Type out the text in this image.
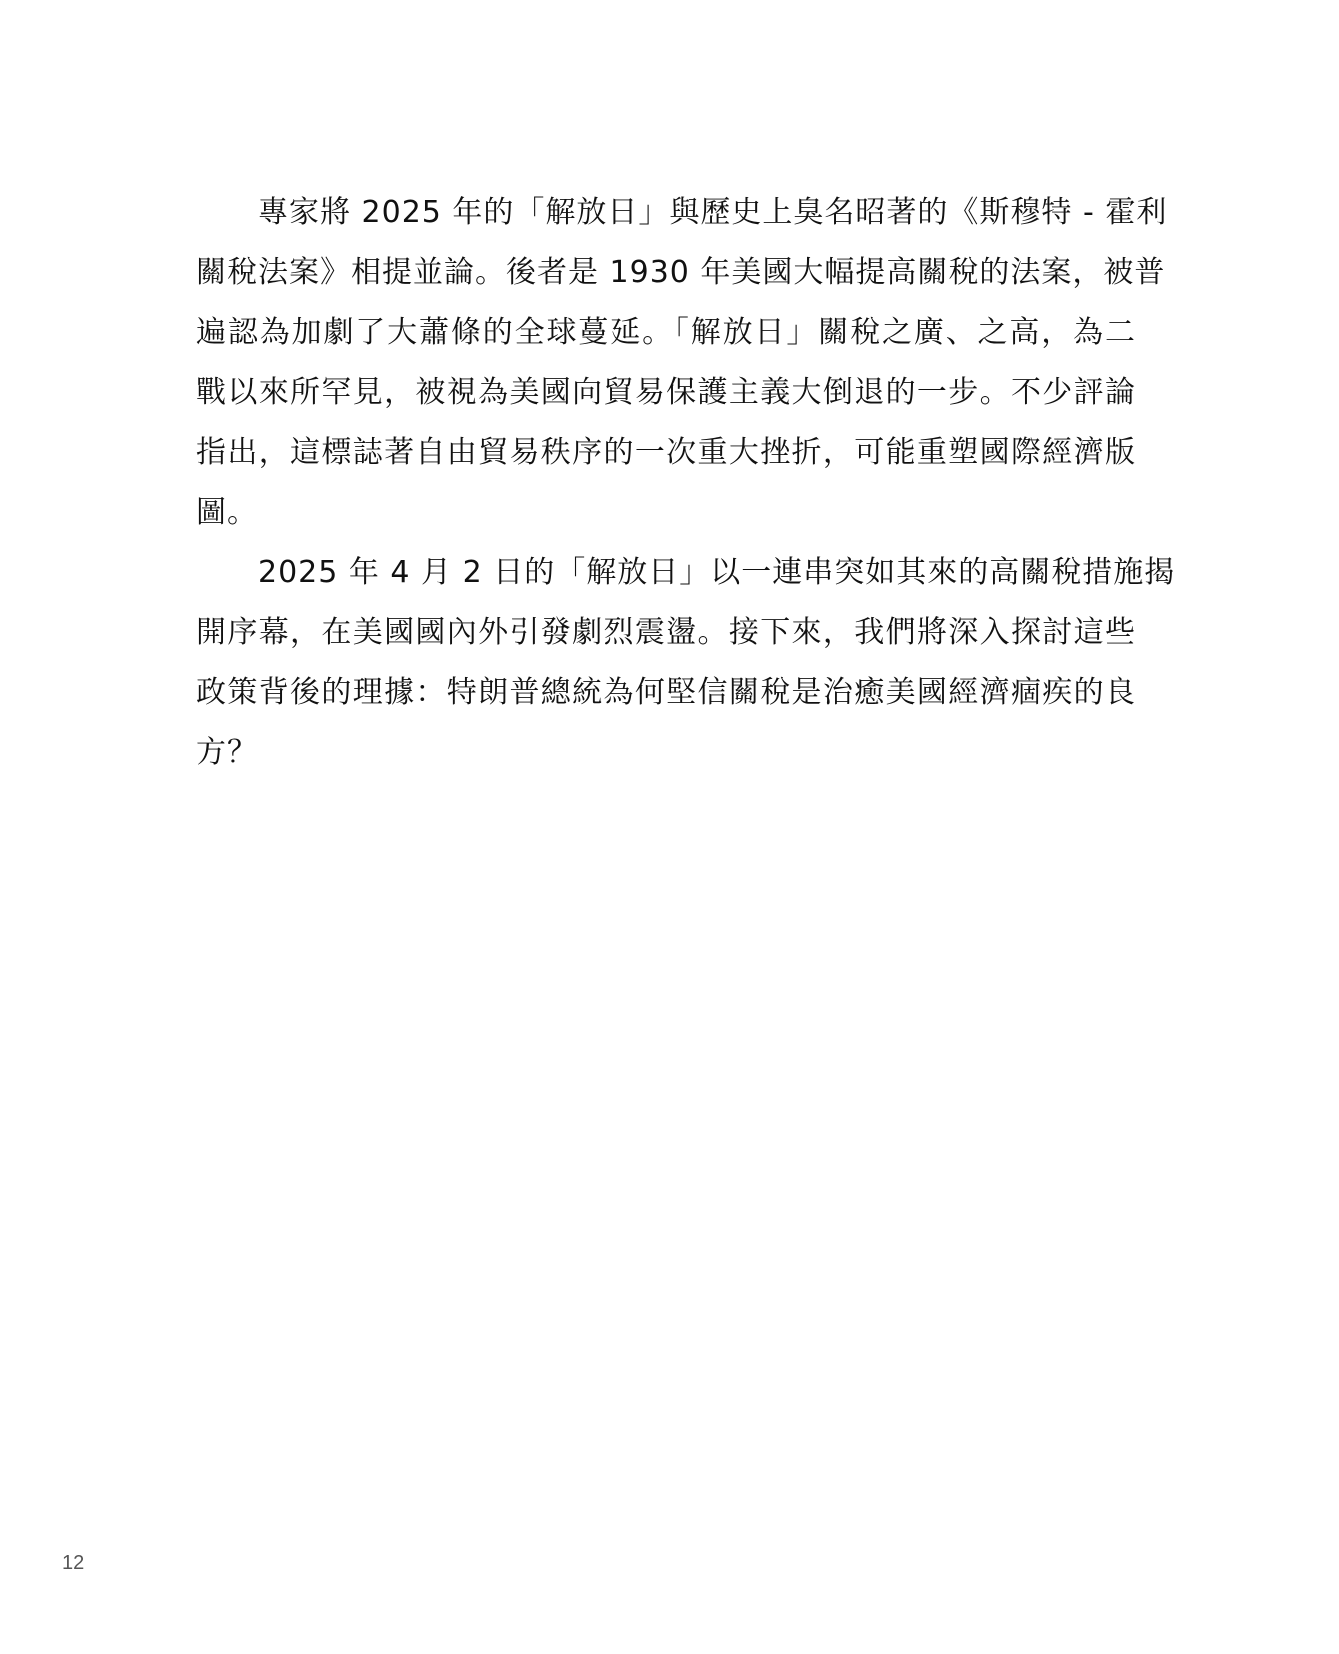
專家將 2025 年的「解放日」與歷史上臭名昭著的《斯穆特 - 霍利
關稅法案》相提並論。後者是 1930 年美國大幅提高關稅的法案，被普
遍認為加劇了大蕭條的全球蔓延。「解放日」關稅之廣、之高，為二
戰以來所罕見，被視為美國向貿易保護主義大倒退的一步。不少評論
指出，這標誌著自由貿易秩序的一次重大挫折，可能重塑國際經濟版
圖。

2025 年 4 月 2 日的「解放日」以一連串突如其來的高關稅措施揭
開序幕，在美國國內外引發劇烈震盪。接下來，我們將深入探討這些
政策背後的理據：特朗普總統為何堅信關稅是治癒美國經濟痼疾的良
方？

12
